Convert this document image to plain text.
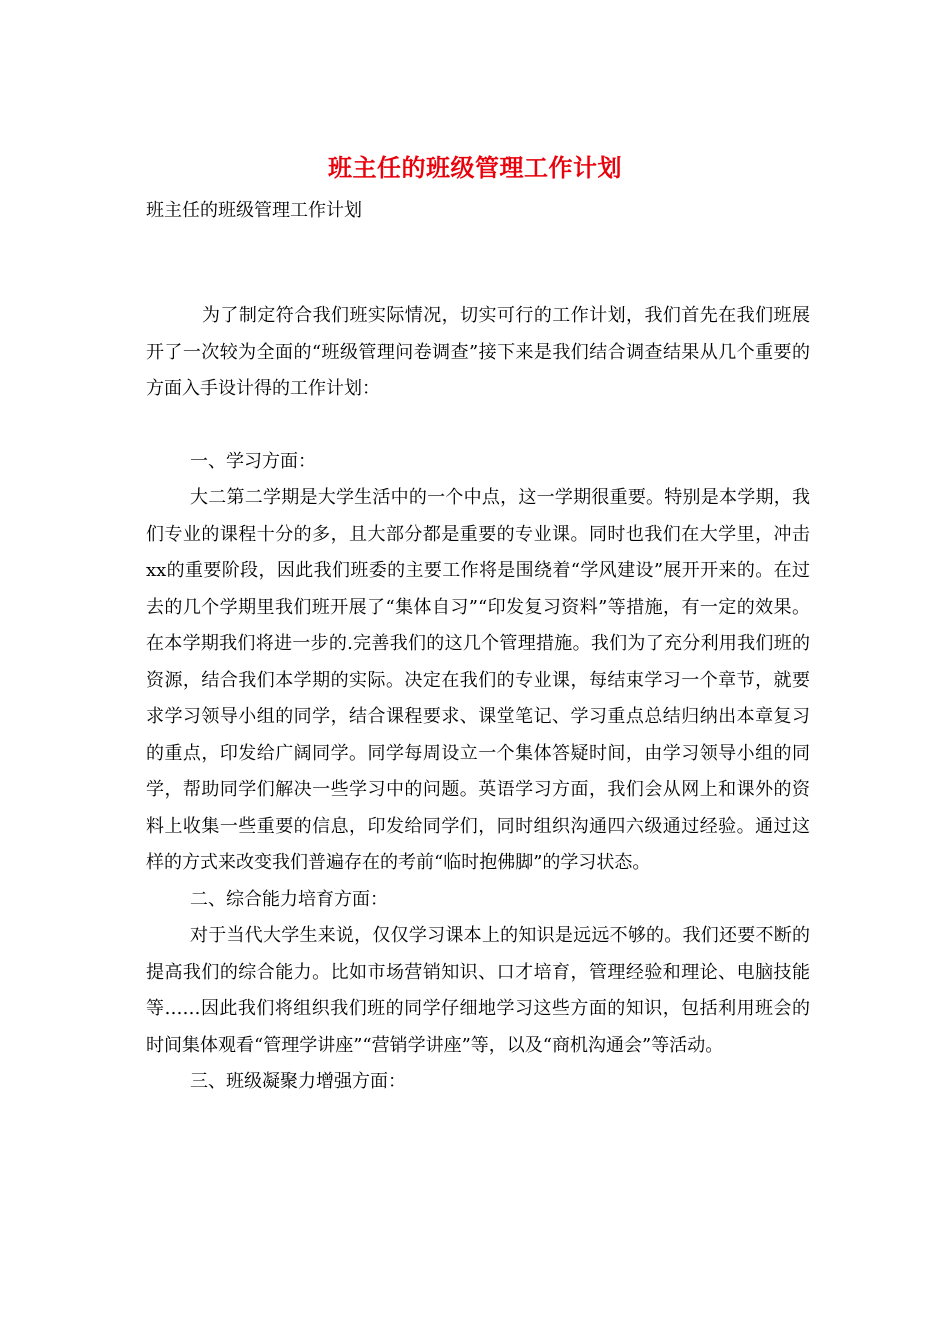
班主任的班级管理工作计划
班主任的班级管理工作计划

为了制定符合我们班实际情况，切实可行的工作计划，我们首先在我们班展开了一次较为全面的“班级管理问卷调查”接下来是我们结合调查结果从几个重要的方面入手设计得的工作计划：

一、学习方面：

大二第二学期是大学生活中的一个中点，这一学期很重要。特别是本学期，我们专业的课程十分的多，且大部分都是重要的专业课。同时也我们在大学里，冲击xx的重要阶段，因此我们班委的主要工作将是围绕着“学风建设”展开开来的。在过去的几个学期里我们班开展了“集体自习”“印发复习资料”等措施，有一定的效果。在本学期我们将进一步的.完善我们的这几个管理措施。我们为了充分利用我们班的资源，结合我们本学期的实际。决定在我们的专业课，每结束学习一个章节，就要求学习领导小组的同学，结合课程要求、课堂笔记、学习重点总结归纳出本章复习的重点，印发给广阔同学。同学每周设立一个集体答疑时间，由学习领导小组的同学，帮助同学们解决一些学习中的问题。英语学习方面，我们会从网上和课外的资料上收集一些重要的信息，印发给同学们，同时组织沟通四六级通过经验。通过这样的方式来改变我们普遍存在的考前“临时抱佛脚”的学习状态。

二、综合能力培育方面：

对于当代大学生来说，仅仅学习课本上的知识是远远不够的。我们还要不断的提高我们的综合能力。比如市场营销知识、口才培育，管理经验和理论、电脑技能等……因此我们将组织我们班的同学仔细地学习这些方面的知识，包括利用班会的时间集体观看“管理学讲座”“营销学讲座”等，以及“商机沟通会”等活动。

三、班级凝聚力增强方面：
